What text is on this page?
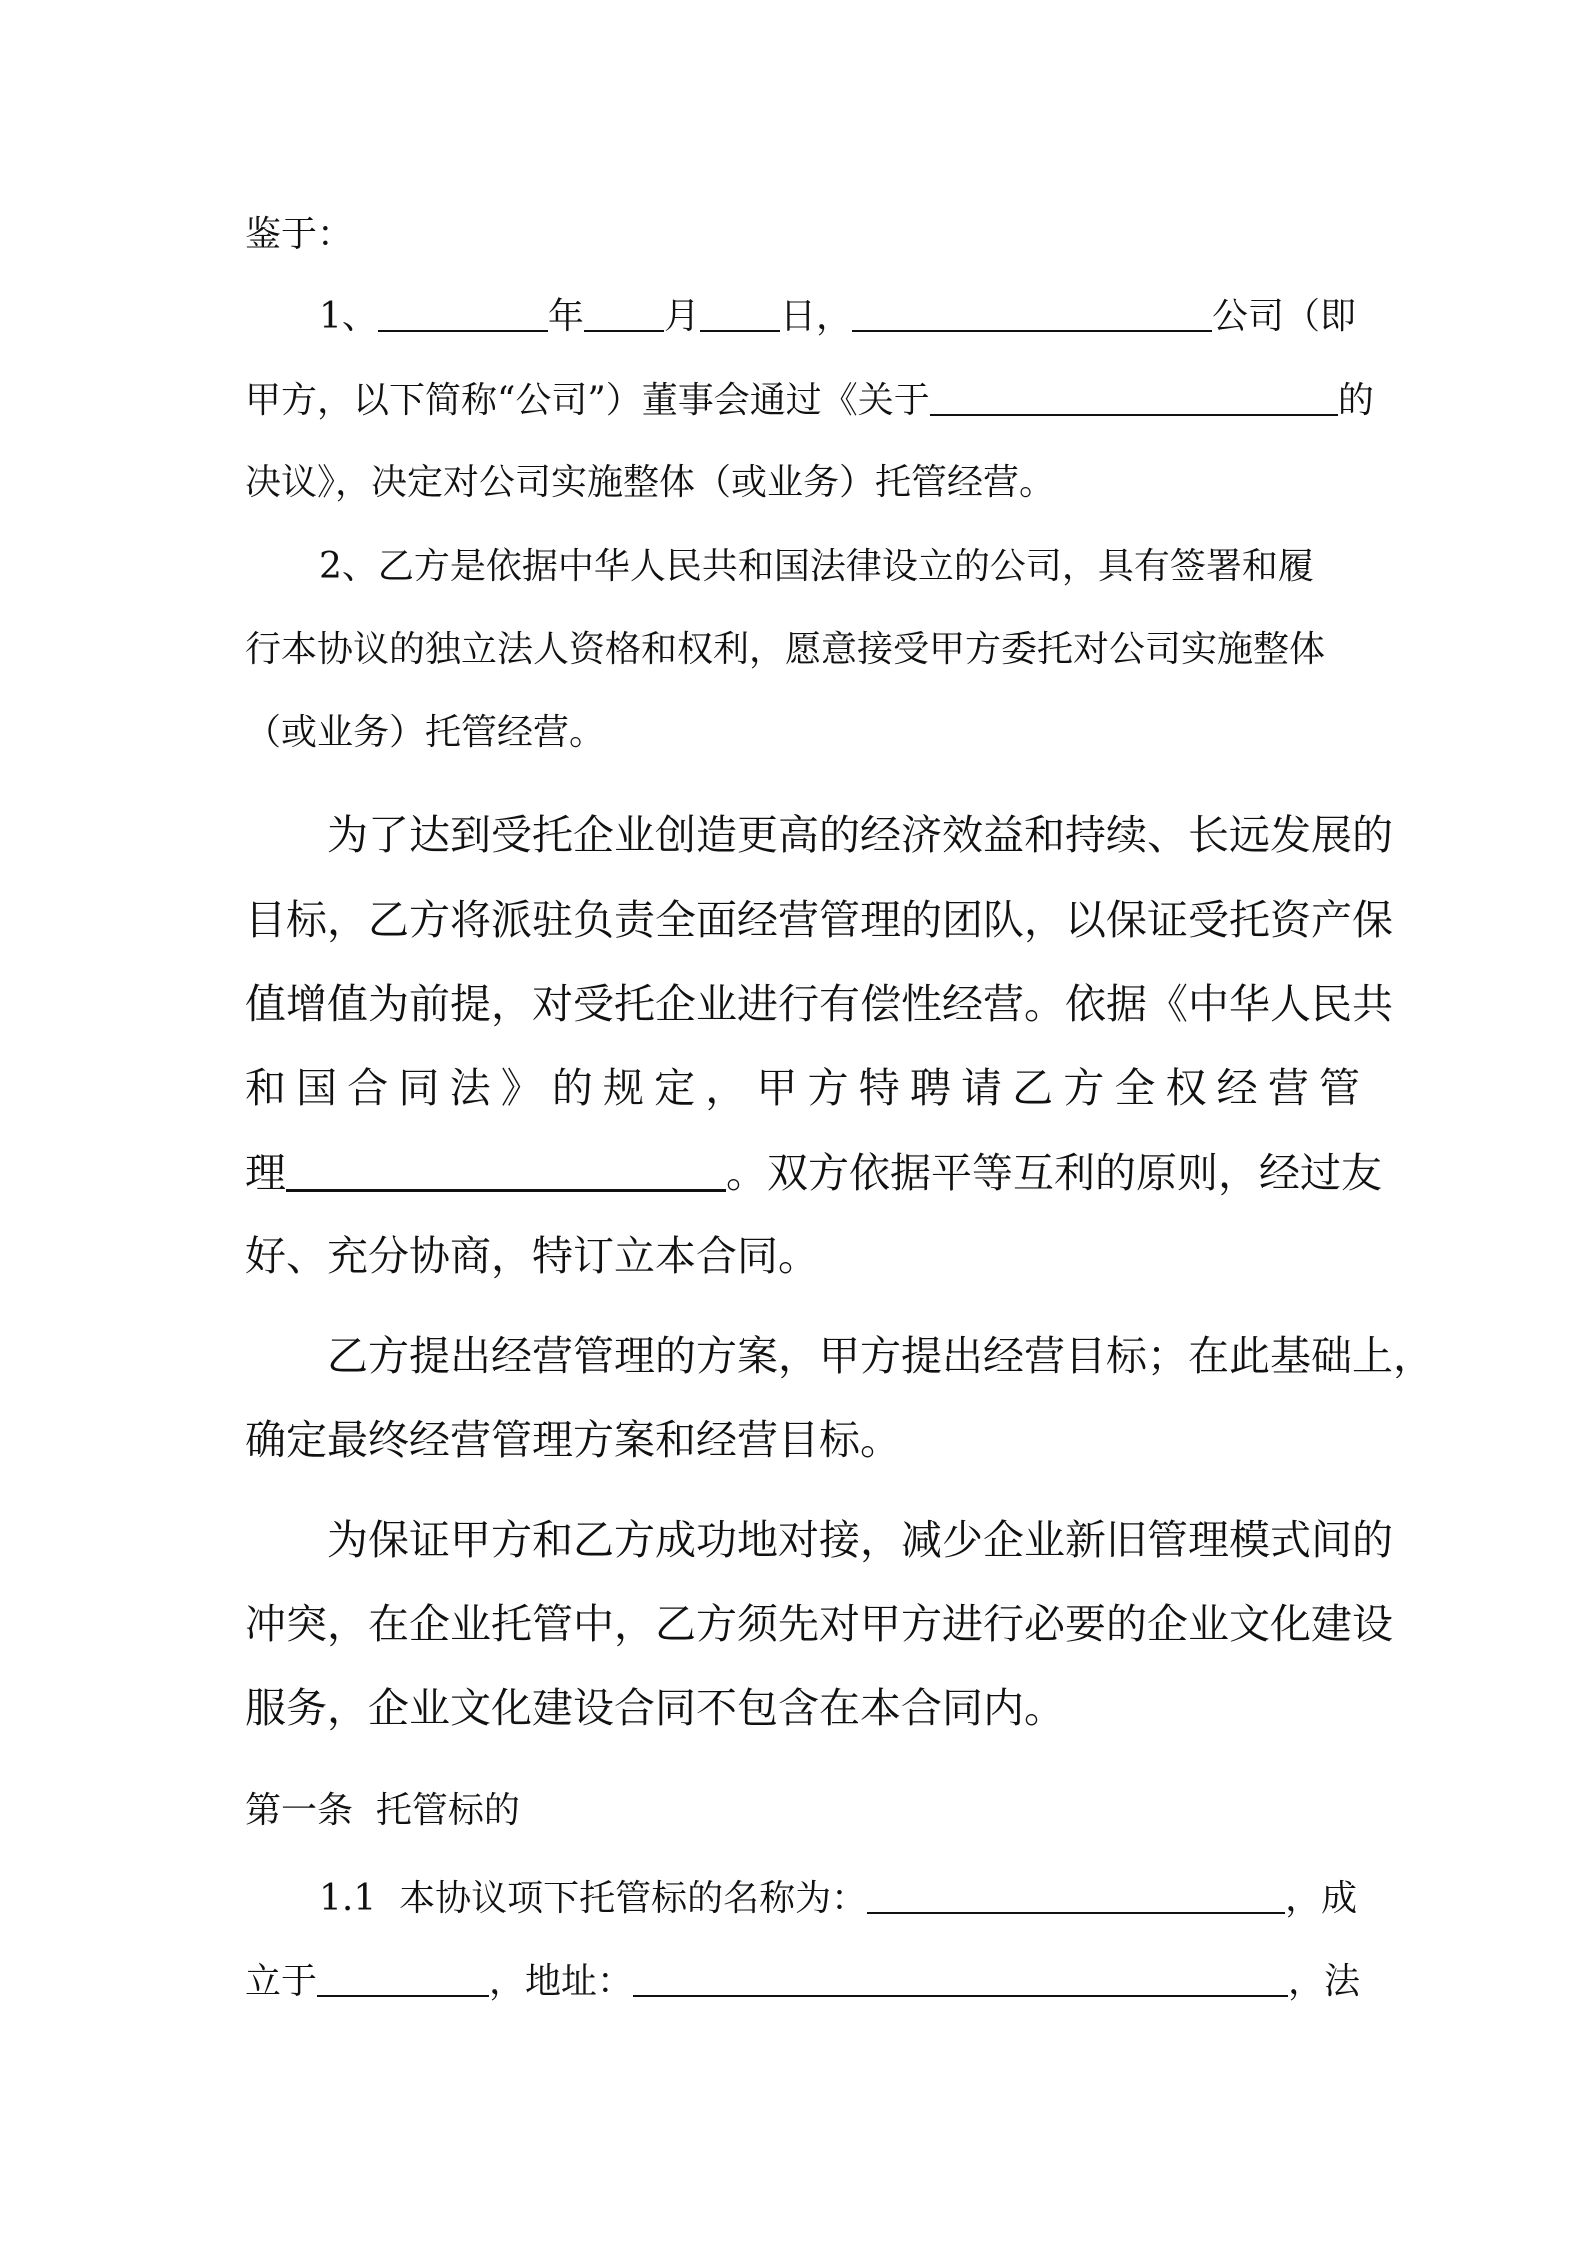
鉴于：
1、	年 月 日，	公司（即
甲方，以下简称“公司”）董事会通过《关于	的
决议》，决定对公司实施整体（或业务）托管经营。
2、乙方是依据中华人民共和国法律设立的公司，具有签署和履
行本协议的独立法人资格和权利，愿意接受甲方委托对公司实施整体
（或业务）托管经营。
为了达到受托企业创造更高的经济效益和持续、长远发展的
目标，乙方将派驻负责全面经营管理的团队，以保证受托资产保
值增值为前提，对受托企业进行有偿性经营。依据《中华人民共
和 国 合 同 法 》 的 规 定 ， 甲 方 特 聘 请 乙 方 全 权 经 营 管
理	。双方依据平等互利的原则，经过友
好、充分协商，特订立本合同。
乙方提出经营管理的方案，甲方提出经营目标；在此基础上，
确定最终经营管理方案和经营目标。
为保证甲方和乙方成功地对接，减少企业新旧管理模式间的
冲突，在企业托管中，乙方须先对甲方进行必要的企业文化建设
服务，企业文化建设合同不包含在本合同内。
第一条  托管标的
1.1  本协议项下托管标的名称为：	，成
立于	，地址：	，法
